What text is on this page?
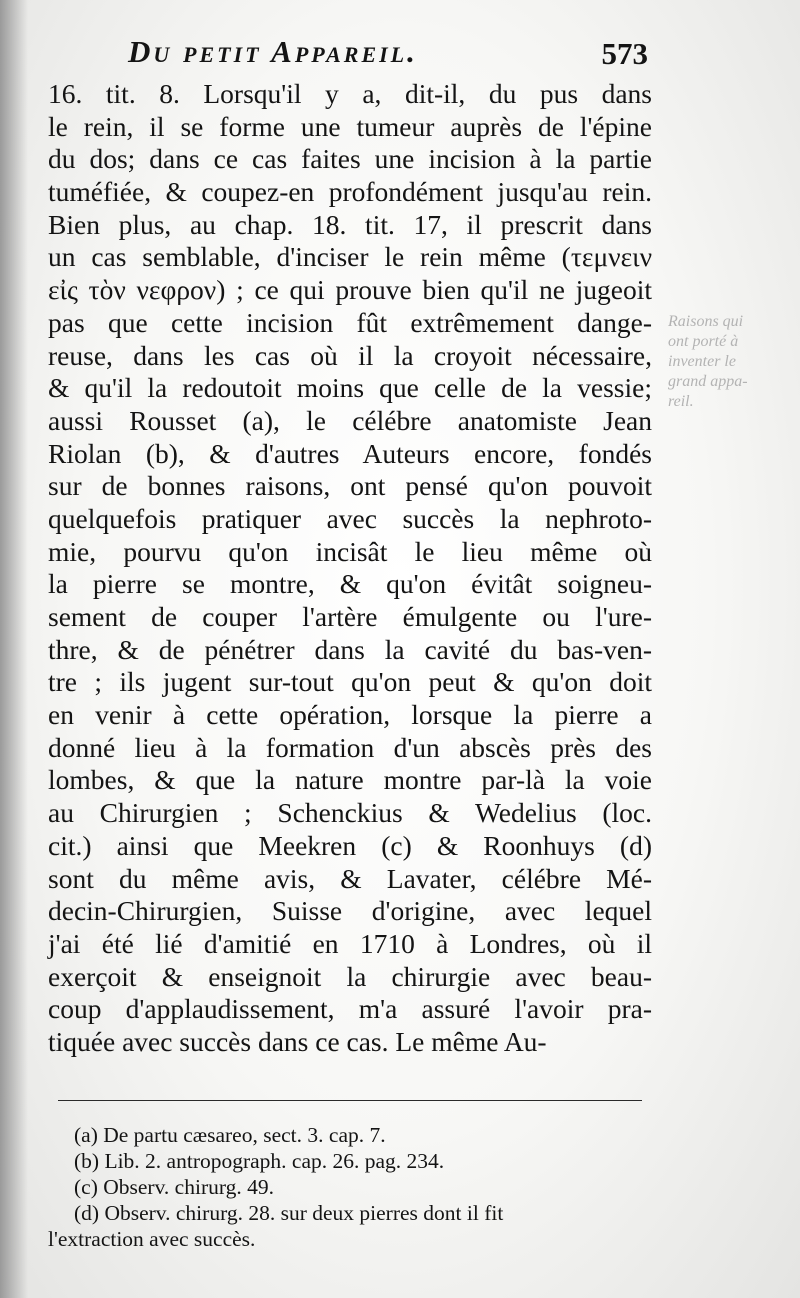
Du petit Appareil.	573
16. tit. 8. Lorsqu'il y a, dit-il, du pus dans
le rein, il se forme une tumeur auprès de l'épine
du dos; dans ce cas faites une incision à la partie
tuméfiée, & coupez-en profondément jusqu'au rein.
Bien plus, au chap. 18. tit. 17, il prescrit dans
un cas semblable, d'inciser le rein même (τεμνειν
εἰς τὸν νεφρον) ; ce qui prouve bien qu'il ne jugeoit
pas que cette incision fût extrêmement dange-
reuse, dans les cas où il la croyoit nécessaire,
& qu'il la redoutoit moins que celle de la vessie;
aussi Rousset (a), le célébre anatomiste Jean
Riolan (b), & d'autres Auteurs encore, fondés
sur de bonnes raisons, ont pensé qu'on pouvoit
quelquefois pratiquer avec succès la nephroto-
mie, pourvu qu'on incisât le lieu même où
la pierre se montre, & qu'on évitât soigneu-
sement de couper l'artère émulgente ou l'ure-
thre, & de pénétrer dans la cavité du bas-ven-
tre ; ils jugent sur-tout qu'on peut & qu'on doit
en venir à cette opération, lorsque la pierre a
donné lieu à la formation d'un abscès près des
lombes, & que la nature montre par-là la voie
au Chirurgien ; Schenckius & Wedelius (loc.
cit.) ainsi que Meekren (c) & Roonhuys (d)
sont du même avis, & Lavater, célébre Mé-
decin-Chirurgien, Suisse d'origine, avec lequel
j'ai été lié d'amitié en 1710 à Londres, où il
exerçoit & enseignoit la chirurgie avec beau-
coup d'applaudissement, m'a assuré l'avoir pra-
tiquée avec succès dans ce cas. Le même Au-
Raisons qui
ont porté à
inventer le
grand appa-
reil.
(a) De partu cæsareo, sect. 3. cap. 7.
(b) Lib. 2. antropograph. cap. 26. pag. 234.
(c) Observ. chirurg. 49.
(d) Observ. chirurg. 28. sur deux pierres dont il fit
l'extraction avec succès.
